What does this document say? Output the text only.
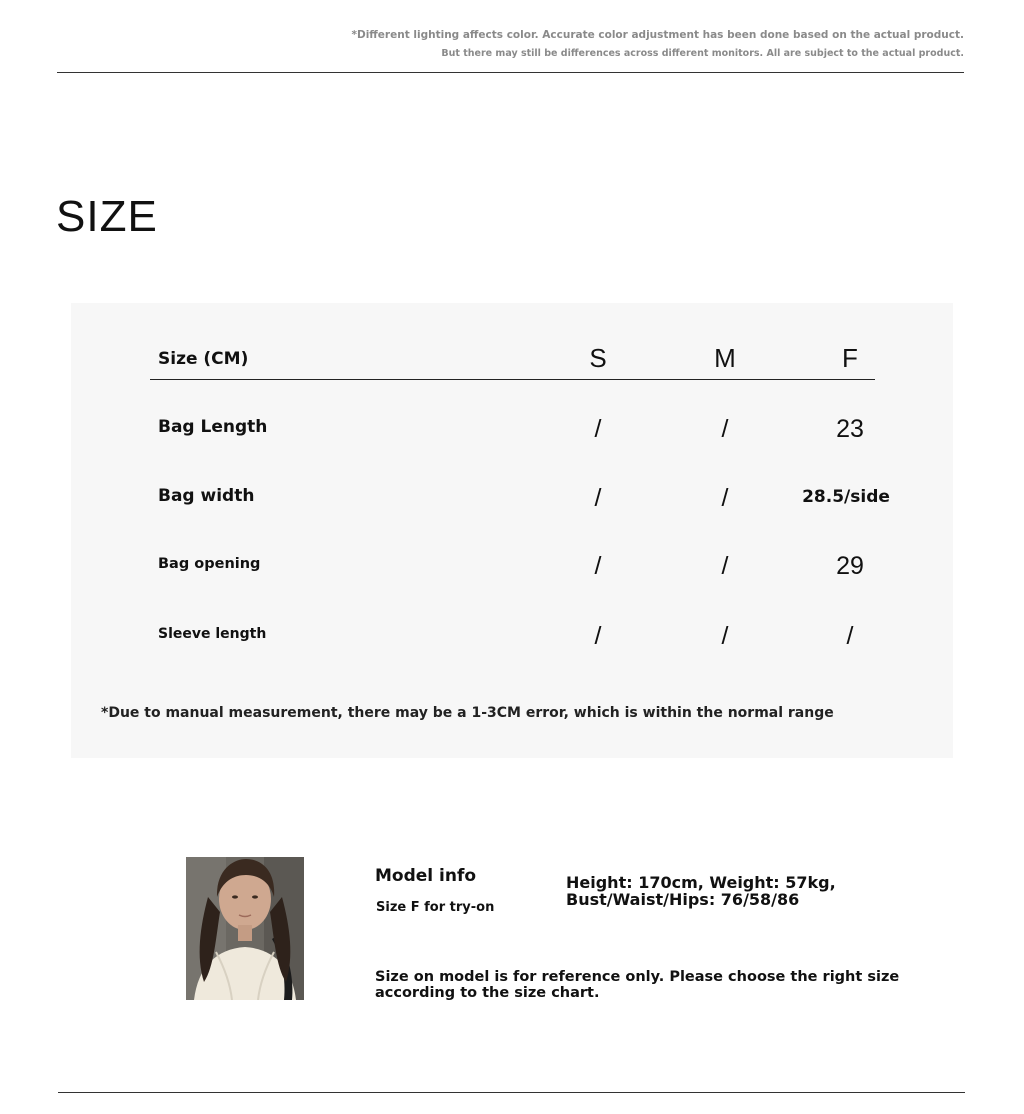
*Different lighting affects color. Accurate color adjustment has been done based on the actual product.
But there may still be differences across different monitors. All are subject to the actual product.
SIZE
Size (CM)	S	M	F
Bag Length	/	/	23
Bag width	/	/	28.5/side
Bag opening	/	/	29
Sleeve length	/	/	/
*Due to manual measurement, there may be a 1-3CM error, which is within the normal range
Model info
Size F for try-on
Height: 170cm, Weight: 57kg,
Bust/Waist/Hips: 76/58/86
Size on model is for reference only. Please choose the right size according to the size chart.
